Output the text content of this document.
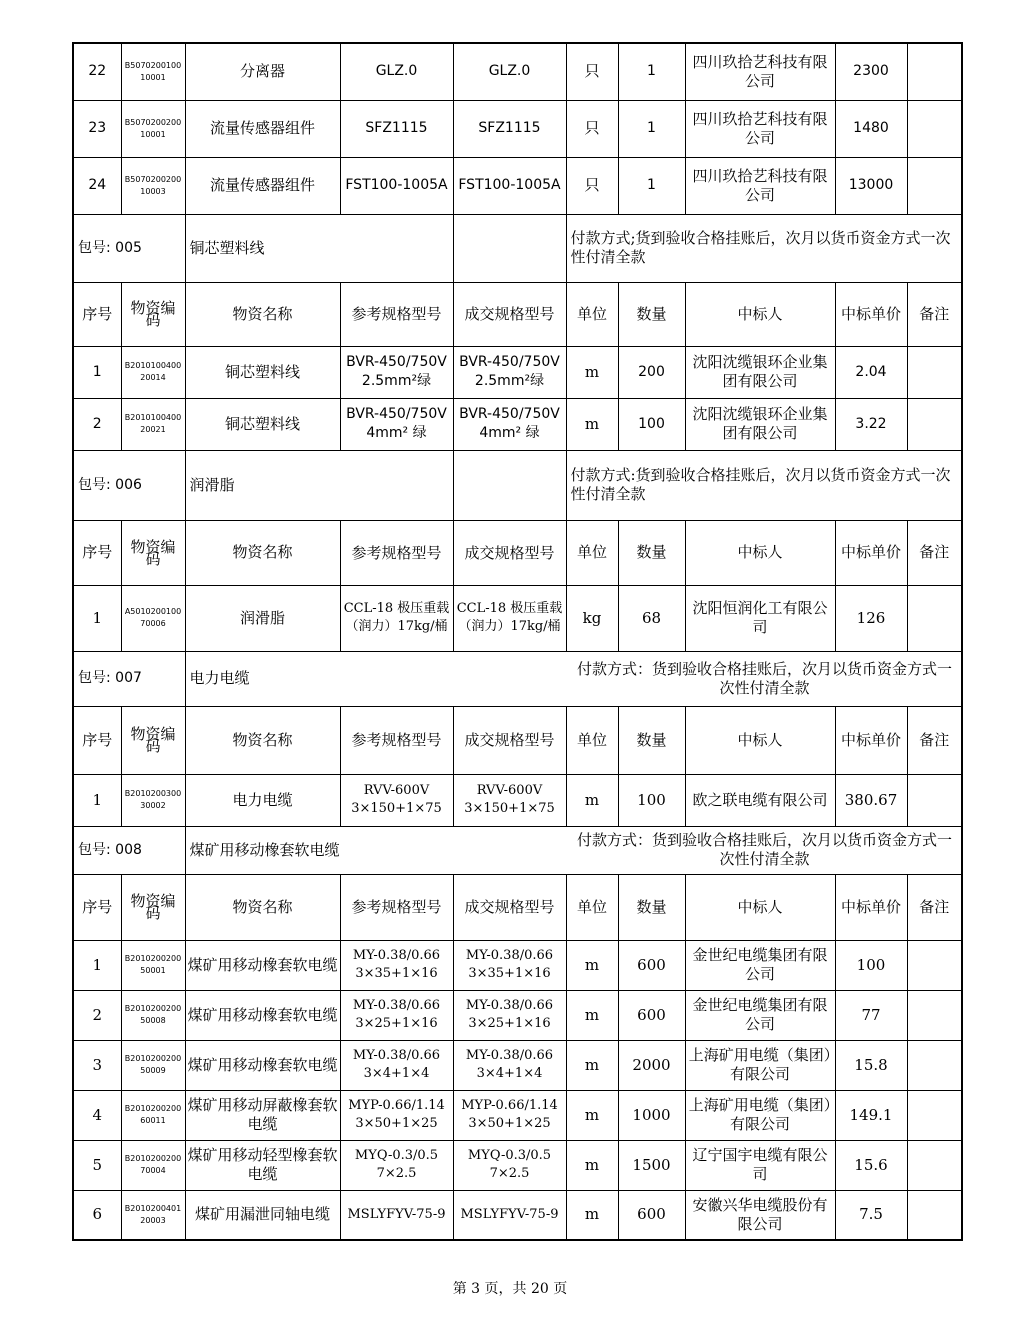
22	B507020010010001	分离器	GLZ.0	GLZ.0	只	1	四川玖拾艺科技有限公司	2300	
23	B507020020010001	流量传感器组件	SFZ1115	SFZ1115	只	1	四川玖拾艺科技有限公司	1480	
24	B507020020010003	流量传感器组件	FST100-1005A	FST100-1005A	只	1	四川玖拾艺科技有限公司	13000	
包号: 005		铜芯塑料线			付款方式;货到验收合格挂账后，次月以货币资金方式一次性付清全款				
序号	物资编码	物资名称	参考规格型号	成交规格型号	单位	数量	中标人	中标单价	备注
1	B201010040020014	铜芯塑料线	BVR-450/750V 2.5mm²绿	BVR-450/750V 2.5mm²绿	m	200	沈阳沈缆银环企业集团有限公司	2.04	
2	B201010040020021	铜芯塑料线	BVR-450/750V 4mm² 绿	BVR-450/750V 4mm² 绿	m	100	沈阳沈缆银环企业集团有限公司	3.22	
包号: 006		润滑脂			付款方式:货到验收合格挂账后，次月以货币资金方式一次性付清全款				
序号	物资编码	物资名称	参考规格型号	成交规格型号	单位	数量	中标人	中标单价	备注
1	A501020010070006	润滑脂	CCL-18 极压重载（润力）17kg/桶	CCL-18 极压重载（润力）17kg/桶	kg	68	沈阳恒润化工有限公司	126	
包号: 007		电力电缆			付款方式：货到验收合格挂账后，次月以货币资金方式一次性付清全款				
序号	物资编码	物资名称	参考规格型号	成交规格型号	单位	数量	中标人	中标单价	备注
1	B201020030030002	电力电缆	RVV-600V 3×150+1×75	RVV-600V 3×150+1×75	m	100	欧之联电缆有限公司	380.67	
包号: 008		煤矿用移动橡套软电缆			付款方式：货到验收合格挂账后，次月以货币资金方式一次性付清全款				
序号	物资编码	物资名称	参考规格型号	成交规格型号	单位	数量	中标人	中标单价	备注
1	B201020020050001	煤矿用移动橡套软电缆	MY-0.38/0.66 3×35+1×16	MY-0.38/0.66 3×35+1×16	m	600	金世纪电缆集团有限公司	100	
2	B201020020050008	煤矿用移动橡套软电缆	MY-0.38/0.66 3×25+1×16	MY-0.38/0.66 3×25+1×16	m	600	金世纪电缆集团有限公司	77	
3	B201020020050009	煤矿用移动橡套软电缆	MY-0.38/0.66 3×4+1×4	MY-0.38/0.66 3×4+1×4	m	2000	上海矿用电缆（集团）有限公司	15.8	
4	B201020020060011	煤矿用移动屏蔽橡套软电缆	MYP-0.66/1.14 3×50+1×25	MYP-0.66/1.14 3×50+1×25	m	1000	上海矿用电缆（集团）有限公司	149.1	
5	B201020020070004	煤矿用移动轻型橡套软电缆	MYQ-0.3/0.5 7×2.5	MYQ-0.3/0.5 7×2.5	m	1500	辽宁国宇电缆有限公司	15.6	
6	B201020040120003	煤矿用漏泄同轴电缆	MSLYFYV-75-9	MSLYFYV-75-9	m	600	安徽兴华电缆股份有限公司	7.5	
第 3 页，共 20 页
